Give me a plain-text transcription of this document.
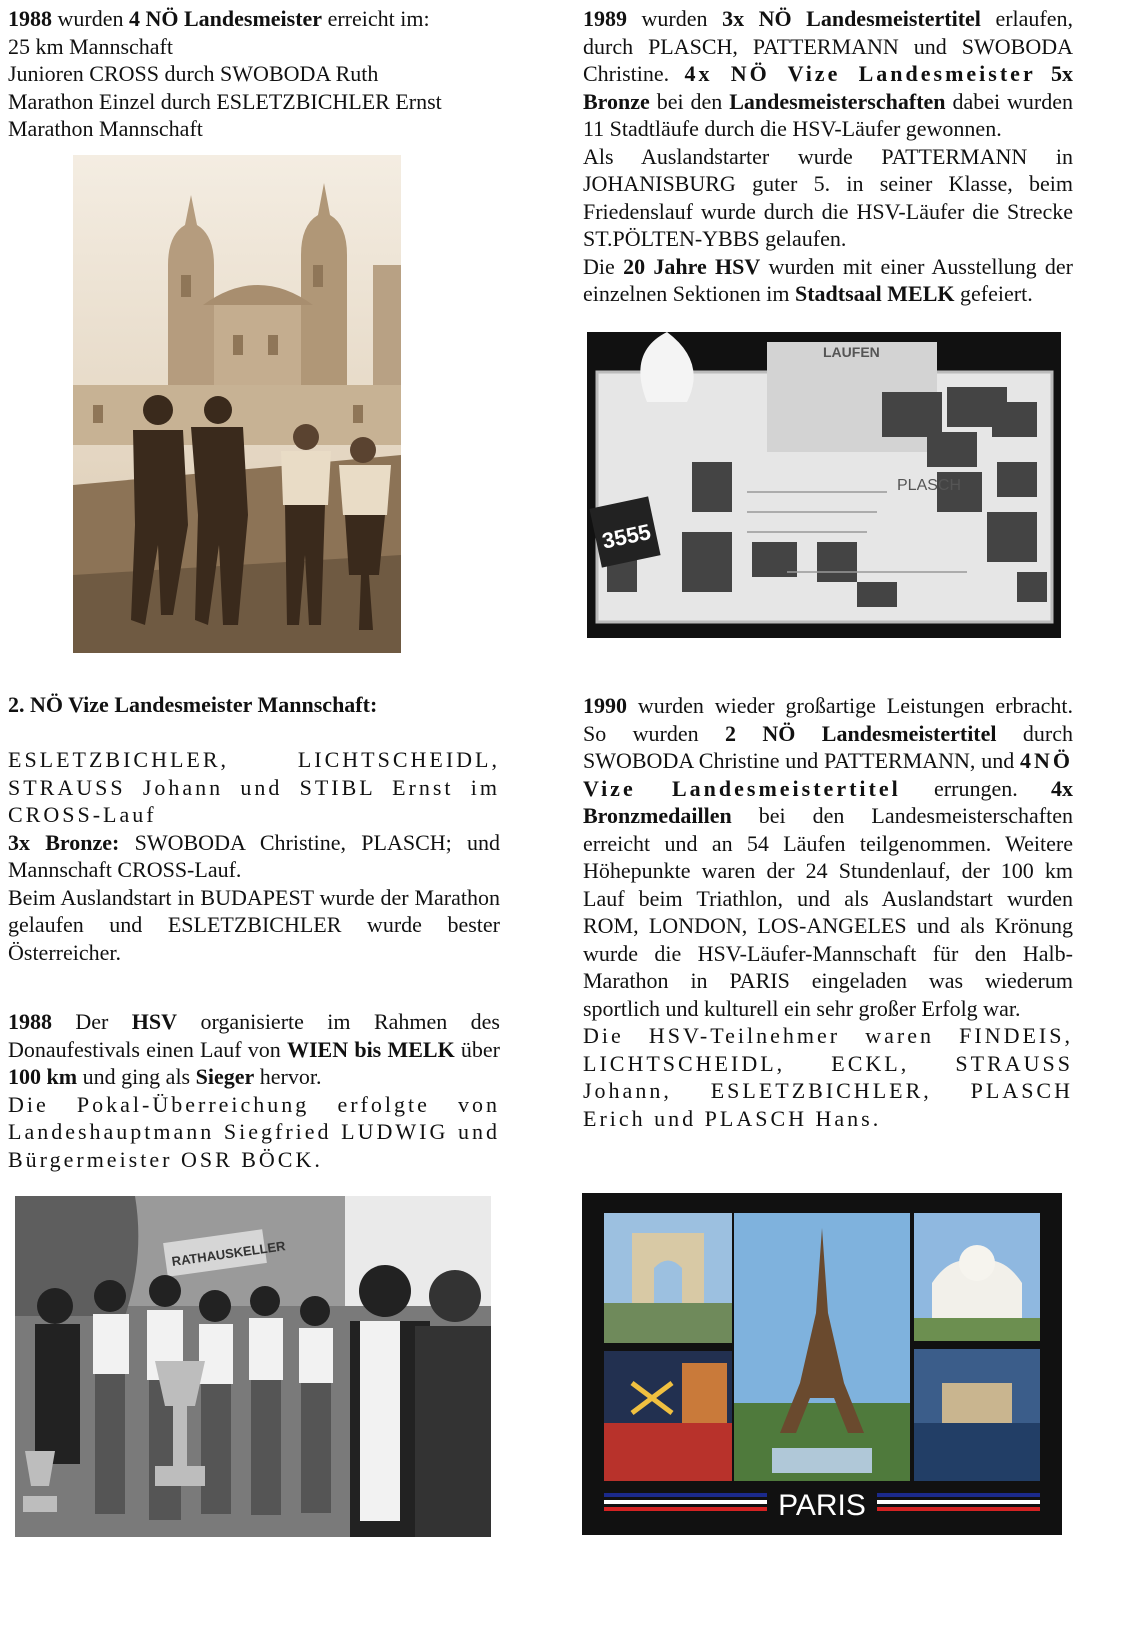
1988 wurden 4 NÖ Landesmeister erreicht im:

25 km Mannschaft

Junioren CROSS durch SWOBODA Ruth

Marathon Einzel durch ESLETZBICHLER Ernst

Marathon Mannschaft

1989 wurden 3x NÖ Landesmeistertitel erlaufen, durch PLASCH, PATTERMANN und SWOBODA Christine. 4x NÖ Vize Landesmeister 5x Bronze bei den Landesmeisterschaften dabei wurden 11 Stadtläufe durch die HSV-Läufer gewonnen.

Als Auslandstarter wurde PATTERMANN in JOHANISBURG guter 5. in seiner Klasse, beim Friedenslauf wurde durch die HSV-Läufer die Strecke ST.PÖLTEN-YBBS gelaufen.

Die 20 Jahre HSV wurden mit einer Ausstellung der einzelnen Sektionen im Stadtsaal MELK gefeiert.

LAUFEN
PLASCH
3555

2. NÖ Vize Landesmeister Mannschaft:

ESLETZBICHLER, LICHTSCHEIDL, STRAUSS Johann und STIBL Ernst im CROSS-Lauf

3x Bronze: SWOBODA Christine, PLASCH; und Mannschaft CROSS-Lauf.

Beim Auslandstart in BUDAPEST wurde der Marathon gelaufen und ESLETZBICHLER wurde bester Österreicher.

1988 Der HSV organisierte im Rahmen des Donaufestivals einen Lauf von WIEN bis MELK über 100 km und ging als Sieger hervor.

Die Pokal-Überreichung erfolgte von Landeshauptmann Siegfried LUDWIG und Bürgermeister OSR BÖCK.

1990 wurden wieder großartige Leistungen erbracht. So wurden 2 NÖ Landesmeistertitel durch SWOBODA Christine und PATTERMANN, und 4NÖ Vize Landesmeistertitel errungen. 4x Bronzmedaillen bei den Landesmeisterschaften erreicht und an 54 Läufen teilgenommen. Weitere Höhepunkte waren der 24 Stundenlauf, der 100 km Lauf beim Triathlon, und als Auslandstart wurden ROM, LONDON, LOS-ANGELES und als Krönung wurde die HSV-Läufer-Mannschaft für den Halb-Marathon in PARIS eingeladen was wiederum sportlich und kulturell ein sehr großer Erfolg war.

Die HSV-Teilnehmer waren FINDEIS, LICHTSCHEIDL, ECKL, STRAUSS Johann, ESLETZBICHLER, PLASCH Erich und PLASCH Hans.

RATHAUSKELLER
PARIS
